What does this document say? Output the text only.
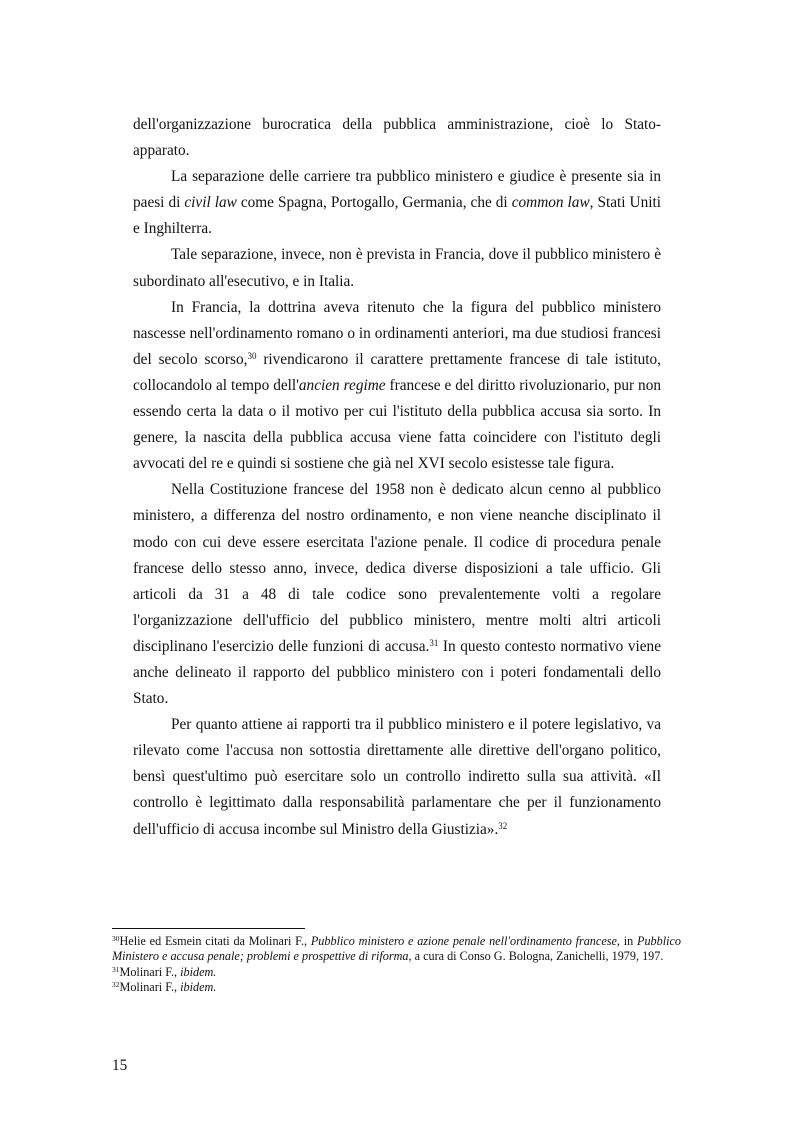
dell'organizzazione burocratica della pubblica amministrazione, cioè lo Stato-apparato.

La separazione delle carriere tra pubblico ministero e giudice è presente sia in paesi di civil law come Spagna, Portogallo, Germania, che di common law, Stati Uniti e Inghilterra.

Tale separazione, invece, non è prevista in Francia, dove il pubblico ministero è subordinato all'esecutivo, e in Italia.

In Francia, la dottrina aveva ritenuto che la figura del pubblico ministero nascesse nell'ordinamento romano o in ordinamenti anteriori, ma due studiosi francesi del secolo scorso,$^{30}$ rivendicarono il carattere prettamente francese di tale istituto, collocandolo al tempo dell'ancien regime francese e del diritto rivoluzionario, pur non essendo certa la data o il motivo per cui l'istituto della pubblica accusa sia sorto. In genere, la nascita della pubblica accusa viene fatta coincidere con l'istituto degli avvocati del re e quindi si sostiene che già nel XVI secolo esistesse tale figura.

Nella Costituzione francese del 1958 non è dedicato alcun cenno al pubblico ministero, a differenza del nostro ordinamento, e non viene neanche disciplinato il modo con cui deve essere esercitata l'azione penale. Il codice di procedura penale francese dello stesso anno, invece, dedica diverse disposizioni a tale ufficio. Gli articoli da 31 a 48 di tale codice sono prevalentemente volti a regolare l'organizzazione dell'ufficio del pubblico ministero, mentre molti altri articoli disciplinano l'esercizio delle funzioni di accusa.$^{31}$ In questo contesto normativo viene anche delineato il rapporto del pubblico ministero con i poteri fondamentali dello Stato.

Per quanto attiene ai rapporti tra il pubblico ministero e il potere legislativo, va rilevato come l'accusa non sottostia direttamente alle direttive dell'organo politico, bensì quest'ultimo può esercitare solo un controllo indiretto sulla sua attività. «Il controllo è legittimato dalla responsabilità parlamentare che per il funzionamento dell'ufficio di accusa incombe sul Ministro della Giustizia».$^{32}$

$^{30}$Helie ed Esmein citati da Molinari F., Pubblico ministero e azione penale nell'ordinamento francese, in Pubblico Ministero e accusa penale; problemi e prospettive di riforma, a cura di Conso G. Bologna, Zanichelli, 1979, 197.

$^{31}$Molinari F., ibidem.

$^{32}$Molinari F., ibidem.

15
